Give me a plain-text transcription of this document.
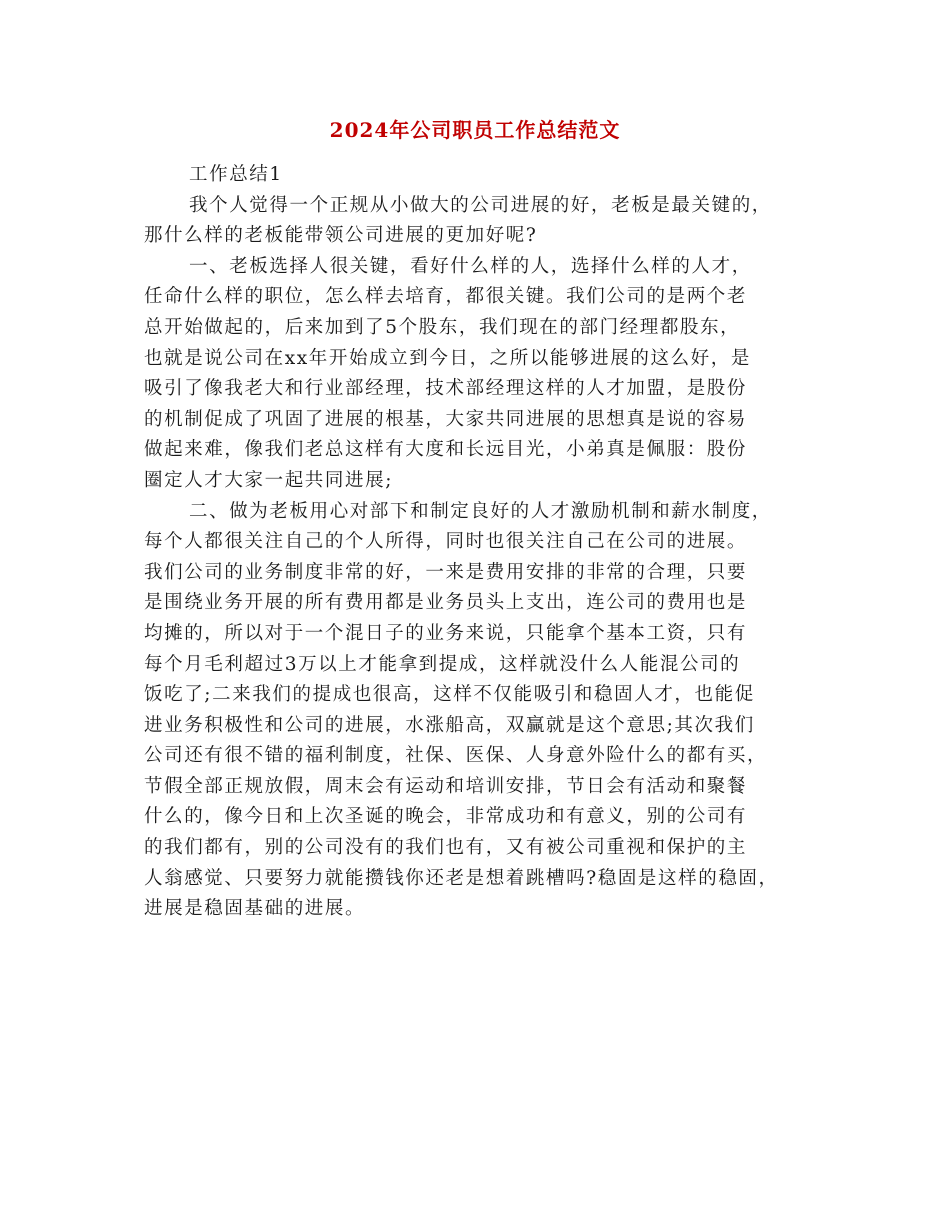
2024年公司职员工作总结范文
工作总结1
我个人觉得一个正规从小做大的公司进展的好，老板是最关键的，
那什么样的老板能带领公司进展的更加好呢?
一、老板选择人很关键，看好什么样的人，选择什么样的人才，
任命什么样的职位，怎么样去培育，都很关键。我们公司的是两个老
总开始做起的，后来加到了5个股东，我们现在的部门经理都股东，
也就是说公司在xx年开始成立到今日，之所以能够进展的这么好，是
吸引了像我老大和行业部经理，技术部经理这样的人才加盟，是股份
的机制促成了巩固了进展的根基，大家共同进展的思想真是说的容易
做起来难，像我们老总这样有大度和长远目光，小弟真是佩服：股份
圈定人才大家一起共同进展;
二、做为老板用心对部下和制定良好的人才激励机制和薪水制度，
每个人都很关注自己的个人所得，同时也很关注自己在公司的进展。
我们公司的业务制度非常的好，一来是费用安排的非常的合理，只要
是围绕业务开展的所有费用都是业务员头上支出，连公司的费用也是
均摊的，所以对于一个混日子的业务来说，只能拿个基本工资，只有
每个月毛利超过3万以上才能拿到提成，这样就没什么人能混公司的
饭吃了;二来我们的提成也很高，这样不仅能吸引和稳固人才，也能促
进业务积极性和公司的进展，水涨船高，双赢就是这个意思;其次我们
公司还有很不错的福利制度，社保、医保、人身意外险什么的都有买，
节假全部正规放假，周末会有运动和培训安排，节日会有活动和聚餐
什么的，像今日和上次圣诞的晚会，非常成功和有意义，别的公司有
的我们都有，别的公司没有的我们也有，又有被公司重视和保护的主
人翁感觉、只要努力就能攒钱你还老是想着跳槽吗?稳固是这样的稳固，
进展是稳固基础的进展。
